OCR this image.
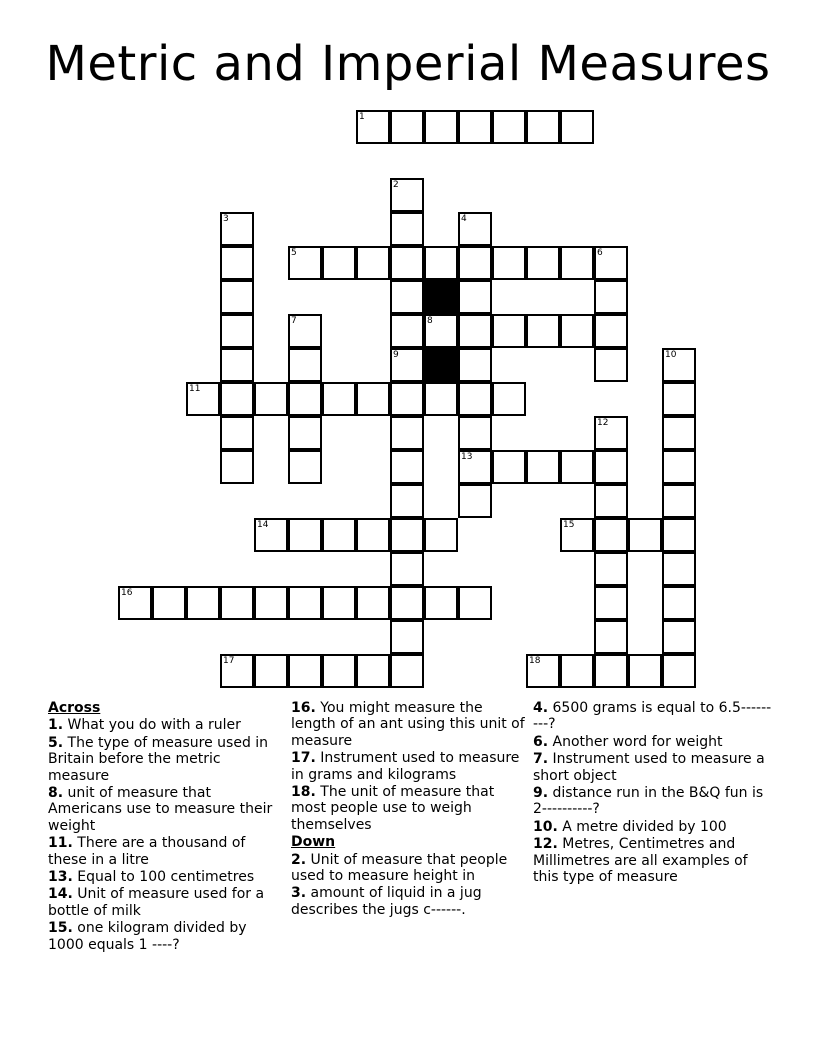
Metric and Imperial Measures
1
2
9
3	4
13
5	6
7	8
10
11
12
14	15
16
17	18
Across
1. What you do with a ruler
5. The type of measure used in Britain before the metric measure
8. unit of measure that Americans use to measure their weight
11. There are a thousand of these in a litre
13. Equal to 100 centimetres
14. Unit of measure used for a bottle of milk
15. one kilogram divided by 1000 equals 1 ----?
16. You might measure the length of an ant using this unit of measure
17. Instrument used to measure in grams and kilograms
18. The unit of measure that most people use to weigh themselves
Down
2. Unit of measure that people used to measure height in
3. amount of liquid in a jug describes the jugs c------.
4. 6500 grams is equal to 6.5---------?
6. Another word for weight
7. Instrument used to measure a short object
9. distance run in the B&Q fun is 2----------?
10. A metre divided by 100
12. Metres, Centimetres and Millimetres are all examples of this type of measure
